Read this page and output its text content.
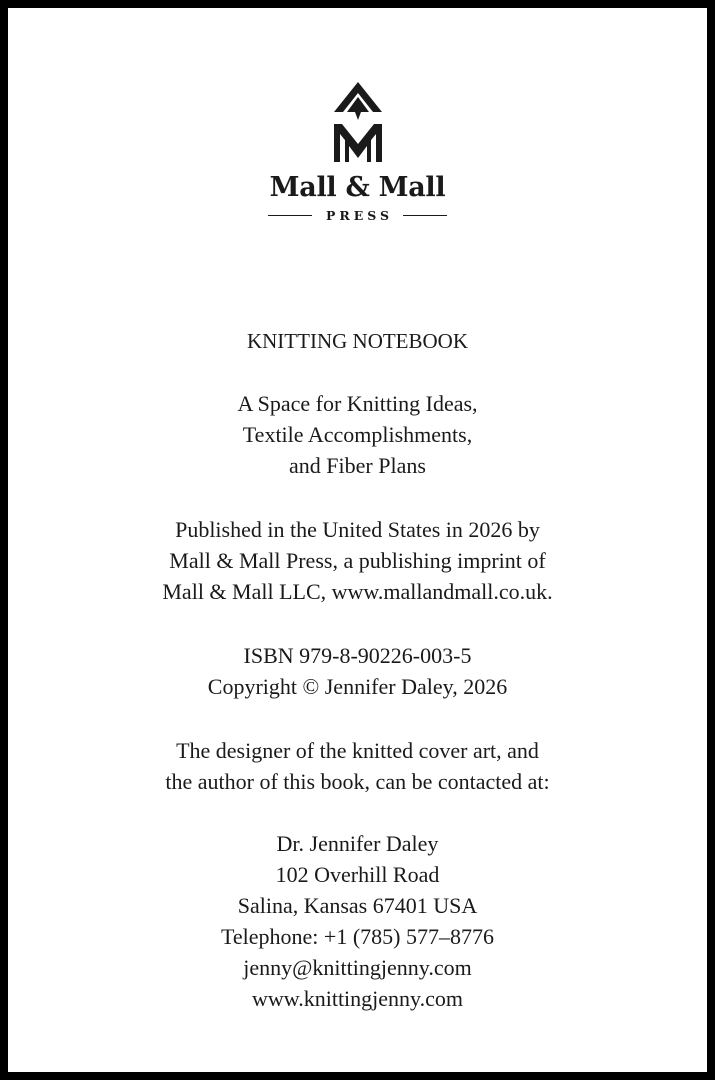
Mall & Mall
PRESS
KNITTING NOTEBOOK
A Space for Knitting Ideas,
Textile Accomplishments,
and Fiber Plans
Published in the United States in 2026 by
Mall & Mall Press, a publishing imprint of
Mall & Mall LLC, www.mallandmall.co.uk.
ISBN 979-8-90226-003-5
Copyright © Jennifer Daley, 2026
The designer of the knitted cover art, and
the author of this book, can be contacted at:
Dr. Jennifer Daley
102 Overhill Road
Salina, Kansas 67401 USA
Telephone: +1 (785) 577–8776
jenny@knittingjenny.com
www.knittingjenny.com
